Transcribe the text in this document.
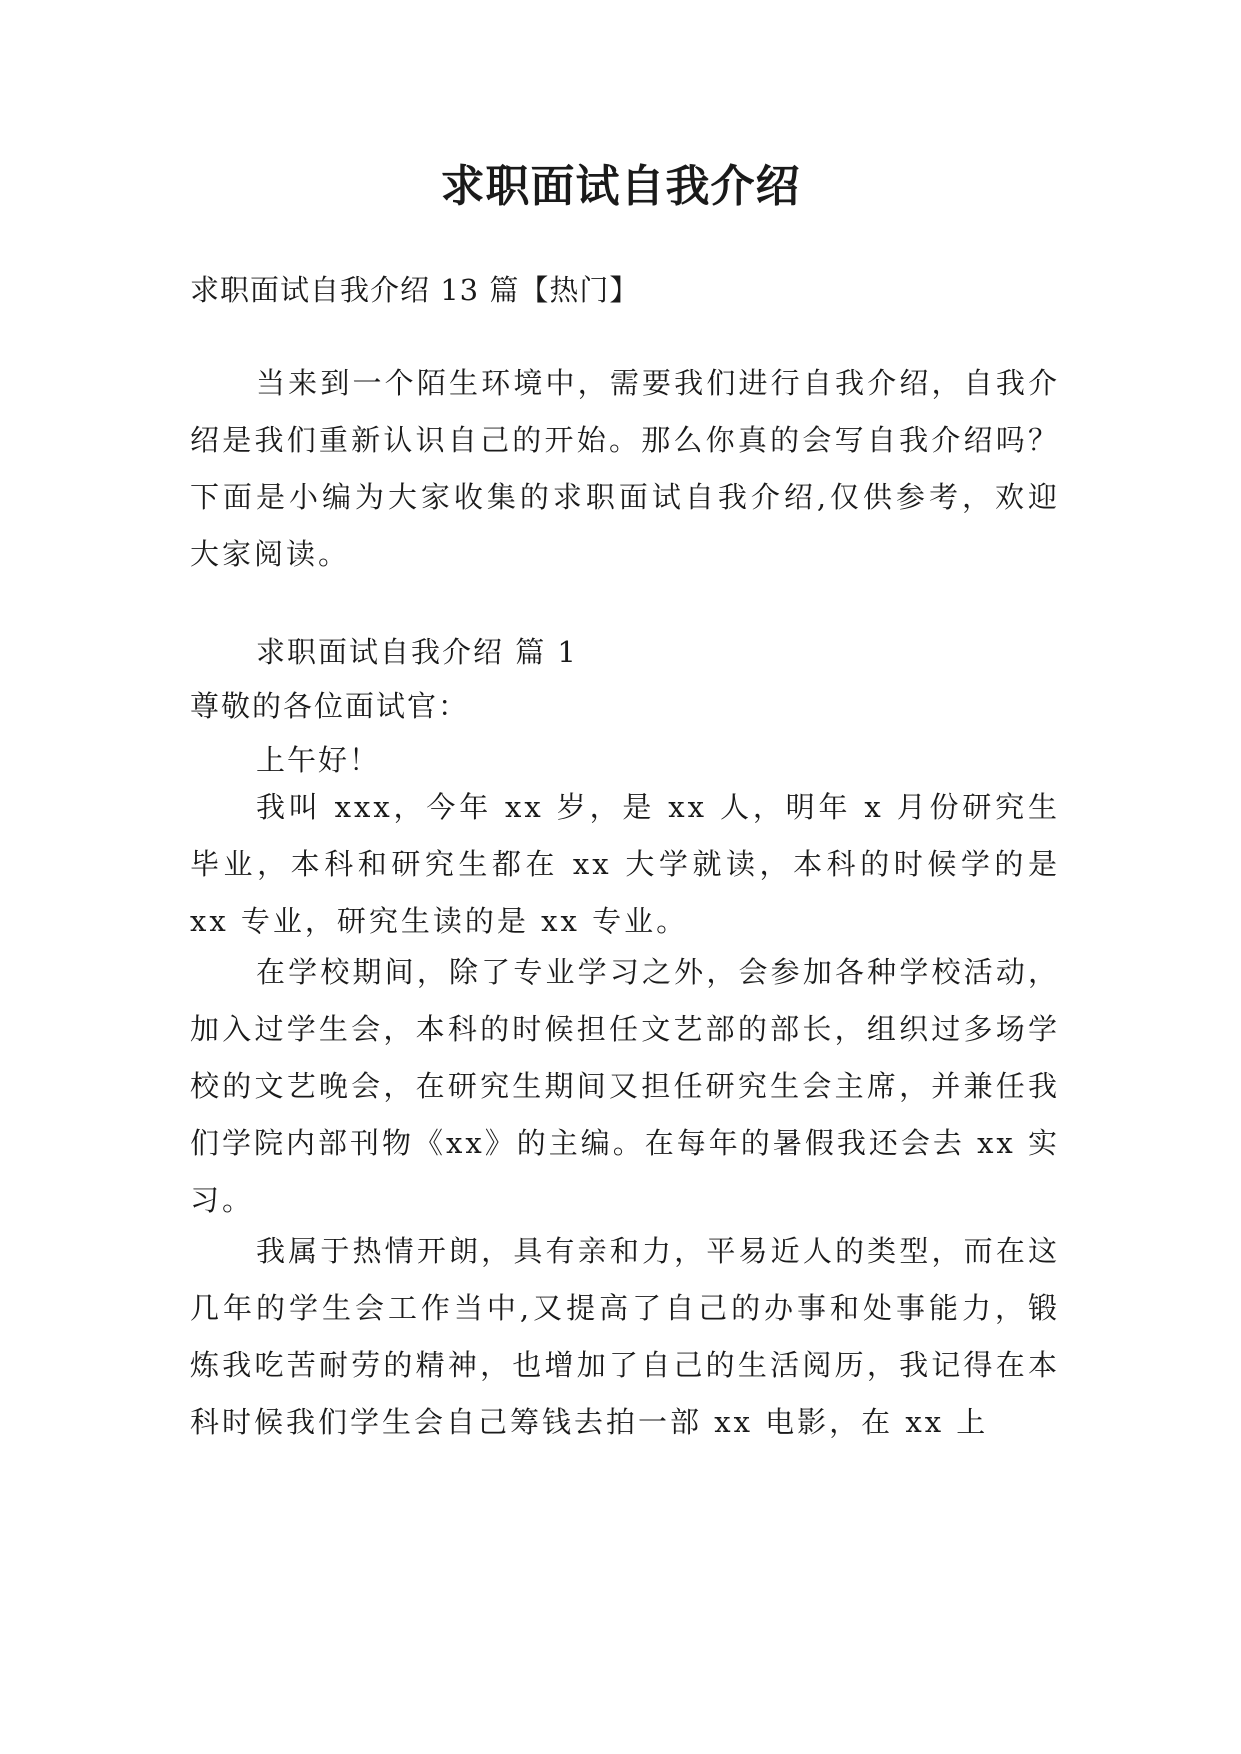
求职面试自我介绍
求职面试自我介绍 13 篇【热门】
当来到一个陌生环境中，需要我们进行自我介绍，自我介绍是我们重新认识自己的开始。那么你真的会写自我介绍吗？下面是小编为大家收集的求职面试自我介绍,仅供参考，欢迎大家阅读。
求职面试自我介绍 篇 1
尊敬的各位面试官：
上午好！
我叫 xxx，今年 xx 岁，是 xx 人，明年 x 月份研究生毕业，本科和研究生都在 xx 大学就读，本科的时候学的是 xx 专业，研究生读的是 xx 专业。
在学校期间，除了专业学习之外，会参加各种学校活动，加入过学生会，本科的时候担任文艺部的部长，组织过多场学校的文艺晚会，在研究生期间又担任研究生会主席，并兼任我们学院内部刊物《xx》的主编。在每年的暑假我还会去 xx 实习。
我属于热情开朗，具有亲和力，平易近人的类型，而在这几年的学生会工作当中,又提高了自己的办事和处事能力，锻炼我吃苦耐劳的精神，也增加了自己的生活阅历，我记得在本科时候我们学生会自己筹钱去拍一部 xx 电影，在 xx 上
